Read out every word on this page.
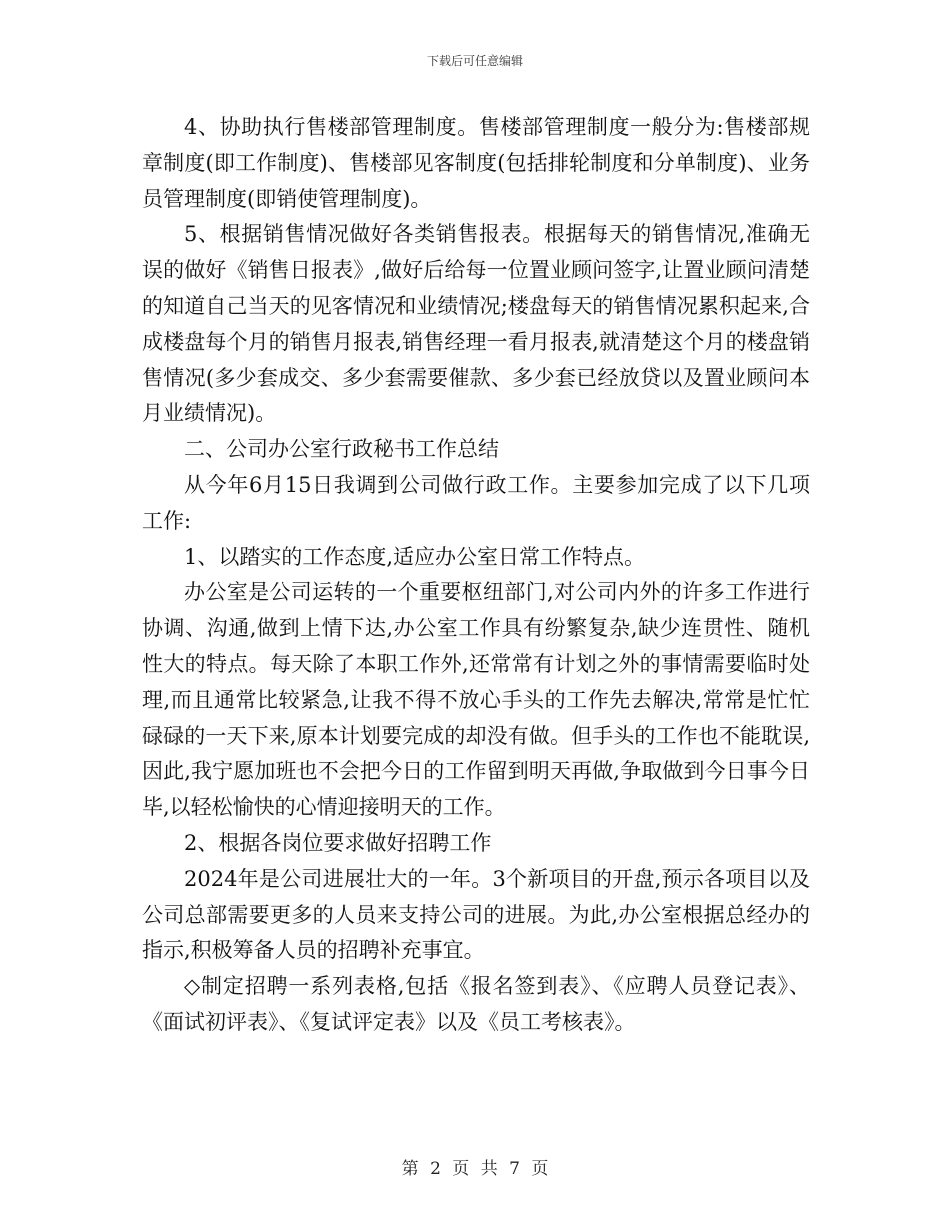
下载后可任意编辑

4、协助执行售楼部管理制度。售楼部管理制度一般分为:售楼部规章制度(即工作制度)、售楼部见客制度(包括排轮制度和分单制度)、业务员管理制度(即销使管理制度)。

5、根据销售情况做好各类销售报表。根据每天的销售情况,准确无误的做好《销售日报表》,做好后给每一位置业顾问签字,让置业顾问清楚的知道自己当天的见客情况和业绩情况;楼盘每天的销售情况累积起来,合成楼盘每个月的销售月报表,销售经理一看月报表,就清楚这个月的楼盘销售情况(多少套成交、多少套需要催款、多少套已经放贷以及置业顾问本月业绩情况)。

二、公司办公室行政秘书工作总结

从今年6月15日我调到公司做行政工作。主要参加完成了以下几项工作:

1、以踏实的工作态度,适应办公室日常工作特点。

办公室是公司运转的一个重要枢纽部门,对公司内外的许多工作进行协调、沟通,做到上情下达,办公室工作具有纷繁复杂,缺少连贯性、随机性大的特点。每天除了本职工作外,还常常有计划之外的事情需要临时处理,而且通常比较紧急,让我不得不放心手头的工作先去解决,常常是忙忙碌碌的一天下来,原本计划要完成的却没有做。但手头的工作也不能耽误,因此,我宁愿加班也不会把今日的工作留到明天再做,争取做到今日事今日毕,以轻松愉快的心情迎接明天的工作。

2、根据各岗位要求做好招聘工作

2024年是公司进展壮大的一年。3个新项目的开盘,预示各项目以及公司总部需要更多的人员来支持公司的进展。为此,办公室根据总经办的指示,积极筹备人员的招聘补充事宜。

◇制定招聘一系列表格,包括《报名签到表》、《应聘人员登记表》、《面试初评表》、《复试评定表》以及《员工考核表》。

第 2 页 共 7 页
